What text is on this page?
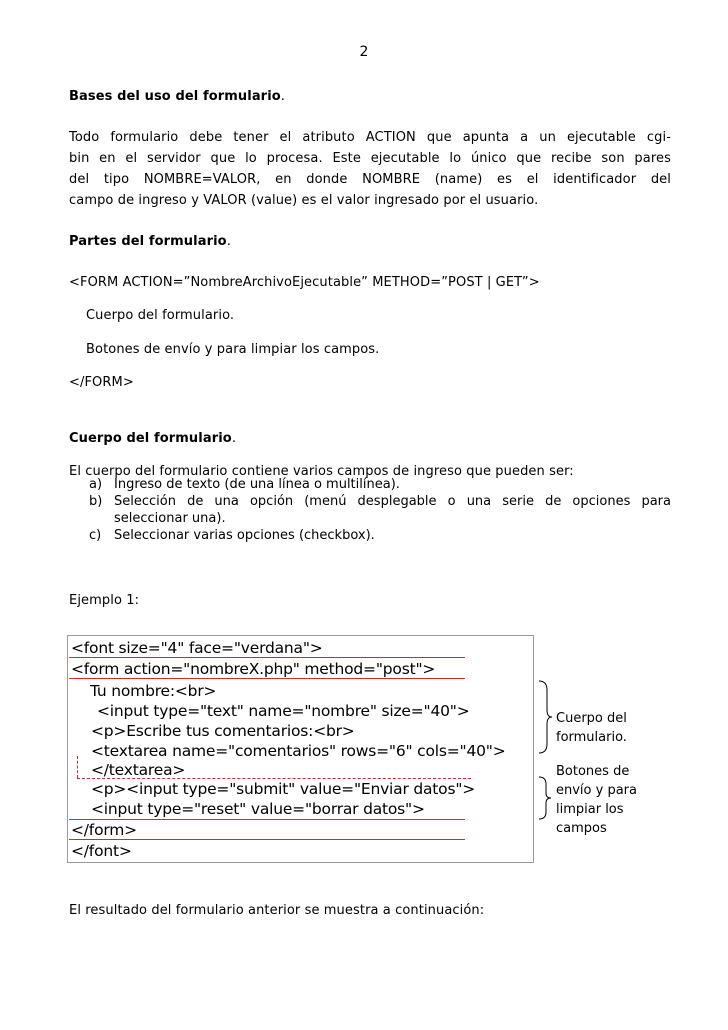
2
Bases del uso del formulario.
Todo formulario debe tener el atributo ACTION que apunta a un ejecutable cgi-
bin en el servidor que lo procesa. Este ejecutable lo único que recibe son pares
del tipo NOMBRE=VALOR, en donde NOMBRE (name) es el identificador del
campo de ingreso y VALOR (value) es el valor ingresado por el usuario.
Partes del formulario.
<FORM ACTION=”NombreArchivoEjecutable” METHOD=”POST | GET”>
Cuerpo del formulario.
Botones de envío y para limpiar los campos.
</FORM>
Cuerpo del formulario.
El cuerpo del formulario contiene varios campos de ingreso que pueden ser:
a) Ingreso de texto (de una línea o multilínea).
b) Selección de una opción (menú desplegable o una serie de opciones para seleccionar una).
c) Seleccionar varias opciones (checkbox).
Ejemplo 1:
<font size="4" face="verdana">
<form action="nombreX.php" method="post">
Tu nombre:<br>
<input type="text" name="nombre" size="40">
<p>Escribe tus comentarios:<br>
<textarea name="comentarios" rows="6" cols="40">
</textarea>
<p><input type="submit" value="Enviar datos">
<input type="reset" value="borrar datos">
</form>
</font>
Cuerpo del
formulario.
Botones de
envío y para
limpiar los
campos
El resultado del formulario anterior se muestra a continuación:
